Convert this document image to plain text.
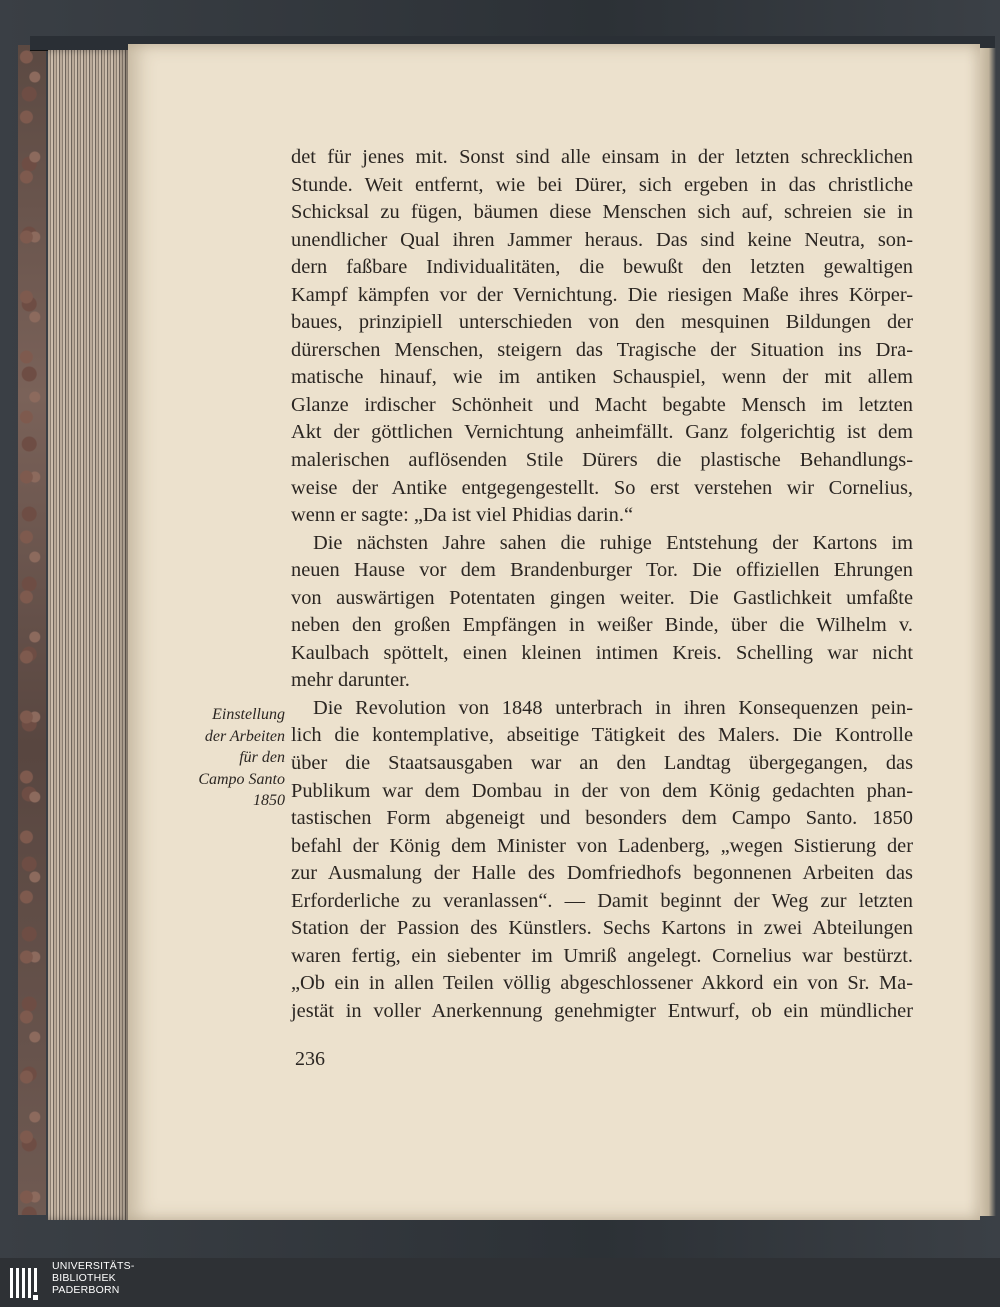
det für jenes mit. Sonst sind alle einsam in der letzten schrecklichen
Stunde. Weit entfernt, wie bei Dürer, sich ergeben in das christliche
Schicksal zu fügen, bäumen diese Menschen sich auf, schreien sie in
unendlicher Qual ihren Jammer heraus. Das sind keine Neutra, son-
dern faßbare Individualitäten, die bewußt den letzten gewaltigen
Kampf kämpfen vor der Vernichtung. Die riesigen Maße ihres Körper-
baues, prinzipiell unterschieden von den mesquinen Bildungen der
dürerschen Menschen, steigern das Tragische der Situation ins Dra-
matische hinauf, wie im antiken Schauspiel, wenn der mit allem
Glanze irdischer Schönheit und Macht begabte Mensch im letzten
Akt der göttlichen Vernichtung anheimfällt. Ganz folgerichtig ist dem
malerischen auflösenden Stile Dürers die plastische Behandlungs-
weise der Antike entgegengestellt. So erst verstehen wir Cornelius,
wenn er sagte: „Da ist viel Phidias darin.“
Die nächsten Jahre sahen die ruhige Entstehung der Kartons im
neuen Hause vor dem Brandenburger Tor. Die offiziellen Ehrungen
von auswärtigen Potentaten gingen weiter. Die Gastlichkeit umfaßte
neben den großen Empfängen in weißer Binde, über die Wilhelm v.
Kaulbach spöttelt, einen kleinen intimen Kreis. Schelling war nicht
mehr darunter.
Die Revolution von 1848 unterbrach in ihren Konsequenzen pein-
lich die kontemplative, abseitige Tätigkeit des Malers. Die Kontrolle
über die Staatsausgaben war an den Landtag übergegangen, das
Publikum war dem Dombau in der von dem König gedachten phan-
tastischen Form abgeneigt und besonders dem Campo Santo. 1850
befahl der König dem Minister von Ladenberg, „wegen Sistierung der
zur Ausmalung der Halle des Domfriedhofs begonnenen Arbeiten das
Erforderliche zu veranlassen“. — Damit beginnt der Weg zur letzten
Station der Passion des Künstlers. Sechs Kartons in zwei Abteilungen
waren fertig, ein siebenter im Umriß angelegt. Cornelius war bestürzt.
„Ob ein in allen Teilen völlig abgeschlossener Akkord ein von Sr. Ma-
jestät in voller Anerkennung genehmigter Entwurf, ob ein mündlicher
Einstellung
der Arbeiten
für den
Campo Santo
1850
236
UNIVERSITÄTS-
BIBLIOTHEK
PADERBORN
